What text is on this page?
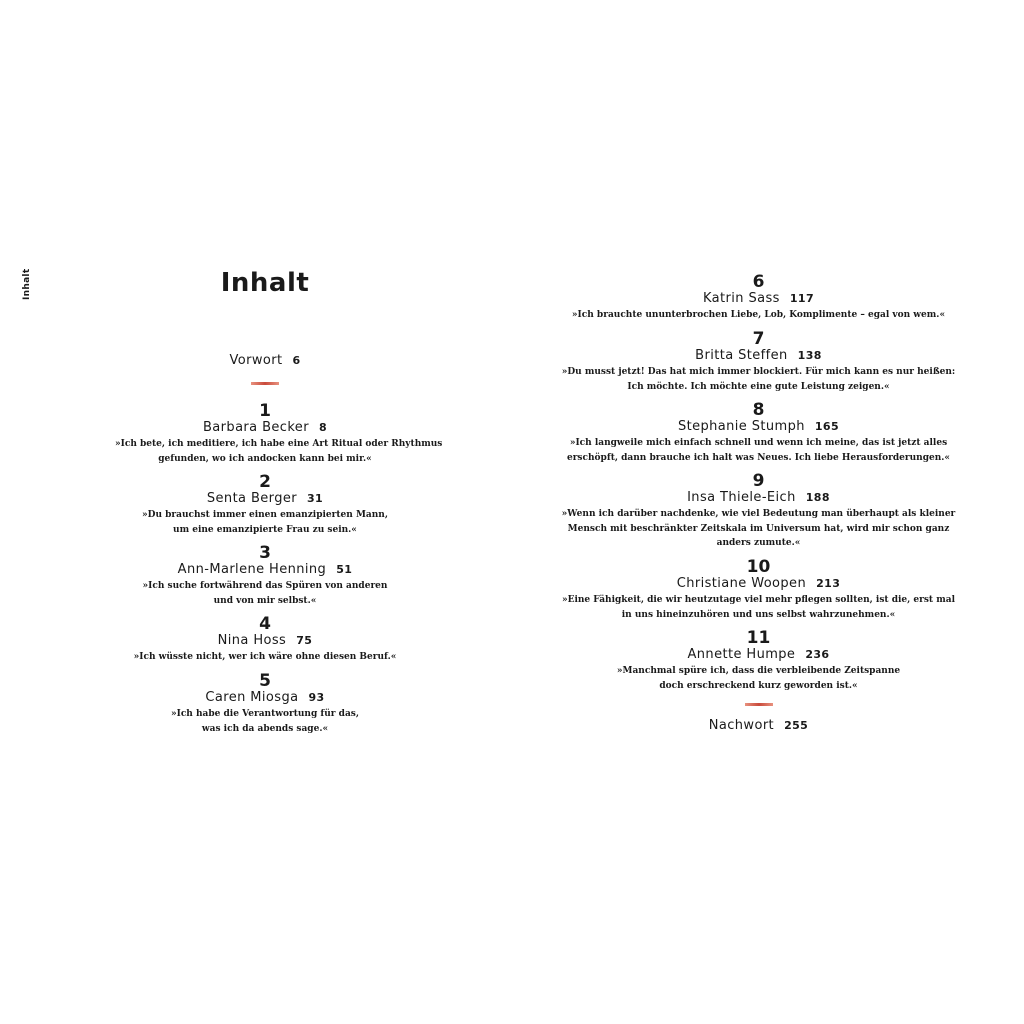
Inhalt	Inhalt
Vorwort 6
1
Barbara Becker 8
»Ich bete, ich meditiere, ich habe eine Art Ritual oder Rhythmus
gefunden, wo ich andocken kann bei mir.«
2
Senta Berger 31
»Du brauchst immer einen emanzipierten Mann,
um eine emanzipierte Frau zu sein.«
3
Ann-Marlene Henning 51
»Ich suche fortwährend das Spüren von anderen
und von mir selbst.«
4
Nina Hoss 75
»Ich wüsste nicht, wer ich wäre ohne diesen Beruf.«
5
Caren Miosga 93
»Ich habe die Verantwortung für das,
was ich da abends sage.«
6
Katrin Sass 117
»Ich brauchte ununterbrochen Liebe, Lob, Komplimente – egal von wem.«
7
Britta Steffen 138
»Du musst jetzt! Das hat mich immer blockiert. Für mich kann es nur heißen:
Ich möchte. Ich möchte eine gute Leistung zeigen.«
8
Stephanie Stumph 165
»Ich langweile mich einfach schnell und wenn ich meine, das ist jetzt alles
erschöpft, dann brauche ich halt was Neues. Ich liebe Herausforderungen.«
9
Insa Thiele-Eich 188
»Wenn ich darüber nachdenke, wie viel Bedeutung man überhaupt als kleiner
Mensch mit beschränkter Zeitskala im Universum hat, wird mir schon ganz
anders zumute.«
10
Christiane Woopen 213
»Eine Fähigkeit, die wir heutzutage viel mehr pflegen sollten, ist die, erst mal
in uns hineinzuhören und uns selbst wahrzunehmen.«
11
Annette Humpe 236
»Manchmal spüre ich, dass die verbleibende Zeitspanne
doch erschreckend kurz geworden ist.«
Nachwort 255
